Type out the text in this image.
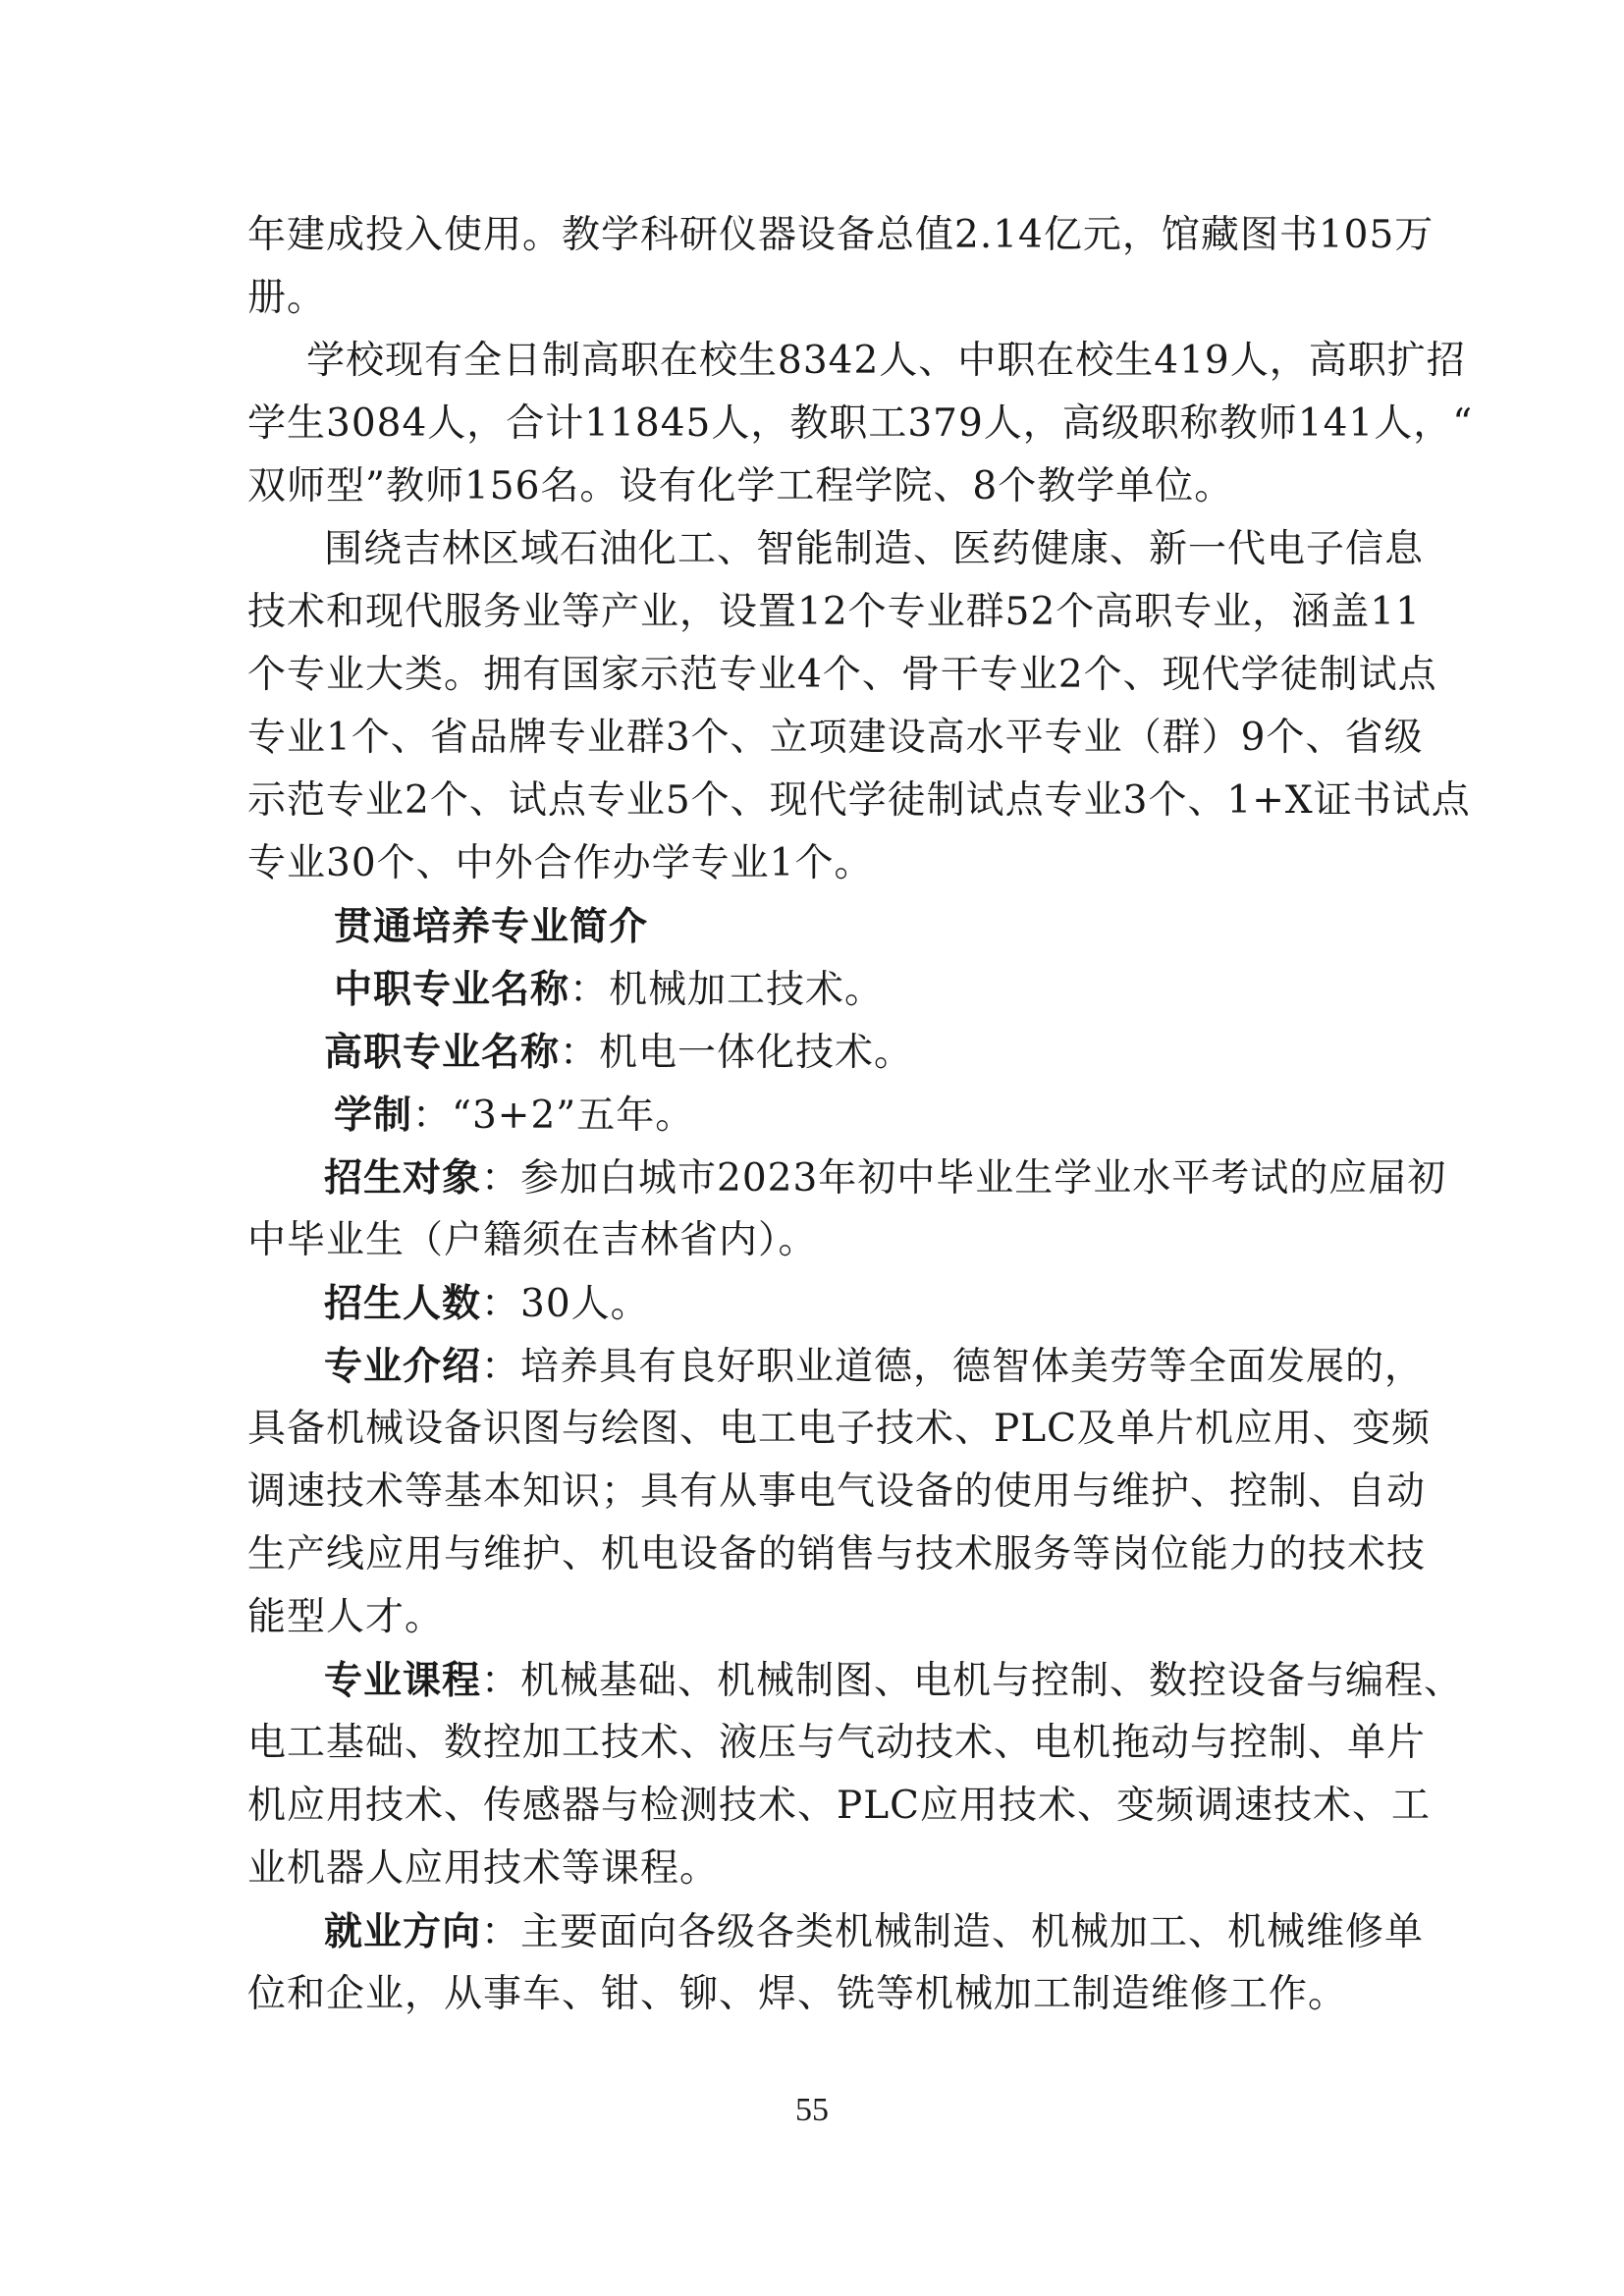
年建成投入使用。教学科研仪器设备总值2.14亿元，馆藏图书105万
册。
学校现有全日制高职在校生8342人、中职在校生419人，高职扩招
学生3084人，合计11845人，教职工379人，高级职称教师141人，“
双师型”教师156名。设有化学工程学院、8个教学单位。
围绕吉林区域石油化工、智能制造、医药健康、新一代电子信息
技术和现代服务业等产业，设置12个专业群52个高职专业，涵盖11
个专业大类。拥有国家示范专业4个、骨干专业2个、现代学徒制试点
专业1个、省品牌专业群3个、立项建设高水平专业（群）9个、省级
示范专业2个、试点专业5个、现代学徒制试点专业3个、1+X证书试点
专业30个、中外合作办学专业1个。
贯通培养专业简介
中职专业名称：机械加工技术。
高职专业名称：机电一体化技术。
学制：“3+2”五年。
招生对象：参加白城市2023年初中毕业生学业水平考试的应届初
中毕业生（户籍须在吉林省内）。
招生人数：30人。
专业介绍：培养具有良好职业道德，德智体美劳等全面发展的，
具备机械设备识图与绘图、电工电子技术、PLC及单片机应用、变频
调速技术等基本知识；具有从事电气设备的使用与维护、控制、自动
生产线应用与维护、机电设备的销售与技术服务等岗位能力的技术技
能型人才。
专业课程：机械基础、机械制图、电机与控制、数控设备与编程、
电工基础、数控加工技术、液压与气动技术、电机拖动与控制、单片
机应用技术、传感器与检测技术、PLC应用技术、变频调速技术、工
业机器人应用技术等课程。
就业方向：主要面向各级各类机械制造、机械加工、机械维修单
位和企业，从事车、钳、铆、焊、铣等机械加工制造维修工作。
55
